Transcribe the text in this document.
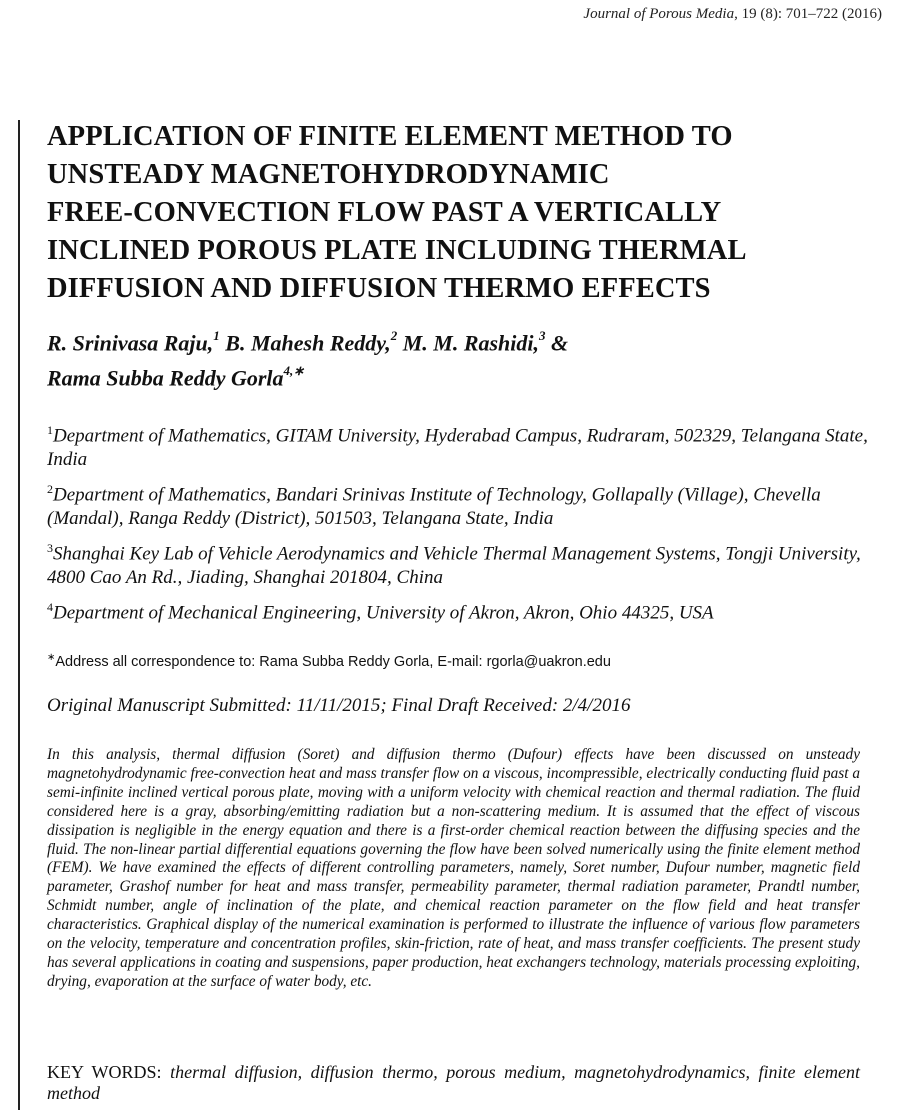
Journal of Porous Media, 19 (8): 701–722 (2016)
APPLICATION OF FINITE ELEMENT METHOD TO
UNSTEADY MAGNETOHYDRODYNAMIC
FREE-CONVECTION FLOW PAST A VERTICALLY
INCLINED POROUS PLATE INCLUDING THERMAL
DIFFUSION AND DIFFUSION THERMO EFFECTS
R. Srinivasa Raju,$^1$ B. Mahesh Reddy,$^2$ M. M. Rashidi,$^3$ &
Rama Subba Reddy Gorla$^{4,∗}$
$^1$Department of Mathematics, GITAM University, Hyderabad Campus, Rudraram, 502329, Telangana State, India
$^2$Department of Mathematics, Bandari Srinivas Institute of Technology, Gollapally (Village), Chevella (Mandal), Ranga Reddy (District), 501503, Telangana State, India
$^3$Shanghai Key Lab of Vehicle Aerodynamics and Vehicle Thermal Management Systems, Tongji University, 4800 Cao An Rd., Jiading, Shanghai 201804, China
$^4$Department of Mechanical Engineering, University of Akron, Akron, Ohio 44325, USA
∗Address all correspondence to: Rama Subba Reddy Gorla, E-mail: rgorla@uakron.edu
Original Manuscript Submitted: 11/11/2015; Final Draft Received: 2/4/2016

In this analysis, thermal diffusion (Soret) and diffusion thermo (Dufour) effects have been discussed on unsteady magnetohydrodynamic free-convection heat and mass transfer flow on a viscous, incompressible, electrically conducting fluid past a semi-infinite inclined vertical porous plate, moving with a uniform velocity with chemical reaction and thermal radiation. The fluid considered here is a gray, absorbing/emitting radiation but a non-scattering medium. It is assumed that the effect of viscous dissipation is negligible in the energy equation and there is a first-order chemical reaction between the diffusing species and the fluid. The non-linear partial differential equations governing the flow have been solved numerically using the finite element method (FEM). We have examined the effects of different controlling parameters, namely, Soret number, Dufour number, magnetic field parameter, Grashof number for heat and mass transfer, permeability parameter, thermal radiation parameter, Prandtl number, Schmidt number, angle of inclination of the plate, and chemical reaction parameter on the flow field and heat transfer characteristics. Graphical display of the numerical examination is performed to illustrate the influence of various flow parameters on the velocity, temperature and concentration profiles, skin-friction, rate of heat, and mass transfer coefficients. The present study has several applications in coating and suspensions, paper production, heat exchangers technology, materials processing exploiting, drying, evaporation at the surface of water body, etc.

KEY WORDS: thermal diffusion, diffusion thermo, porous medium, magnetohydrodynamics, finite element method
